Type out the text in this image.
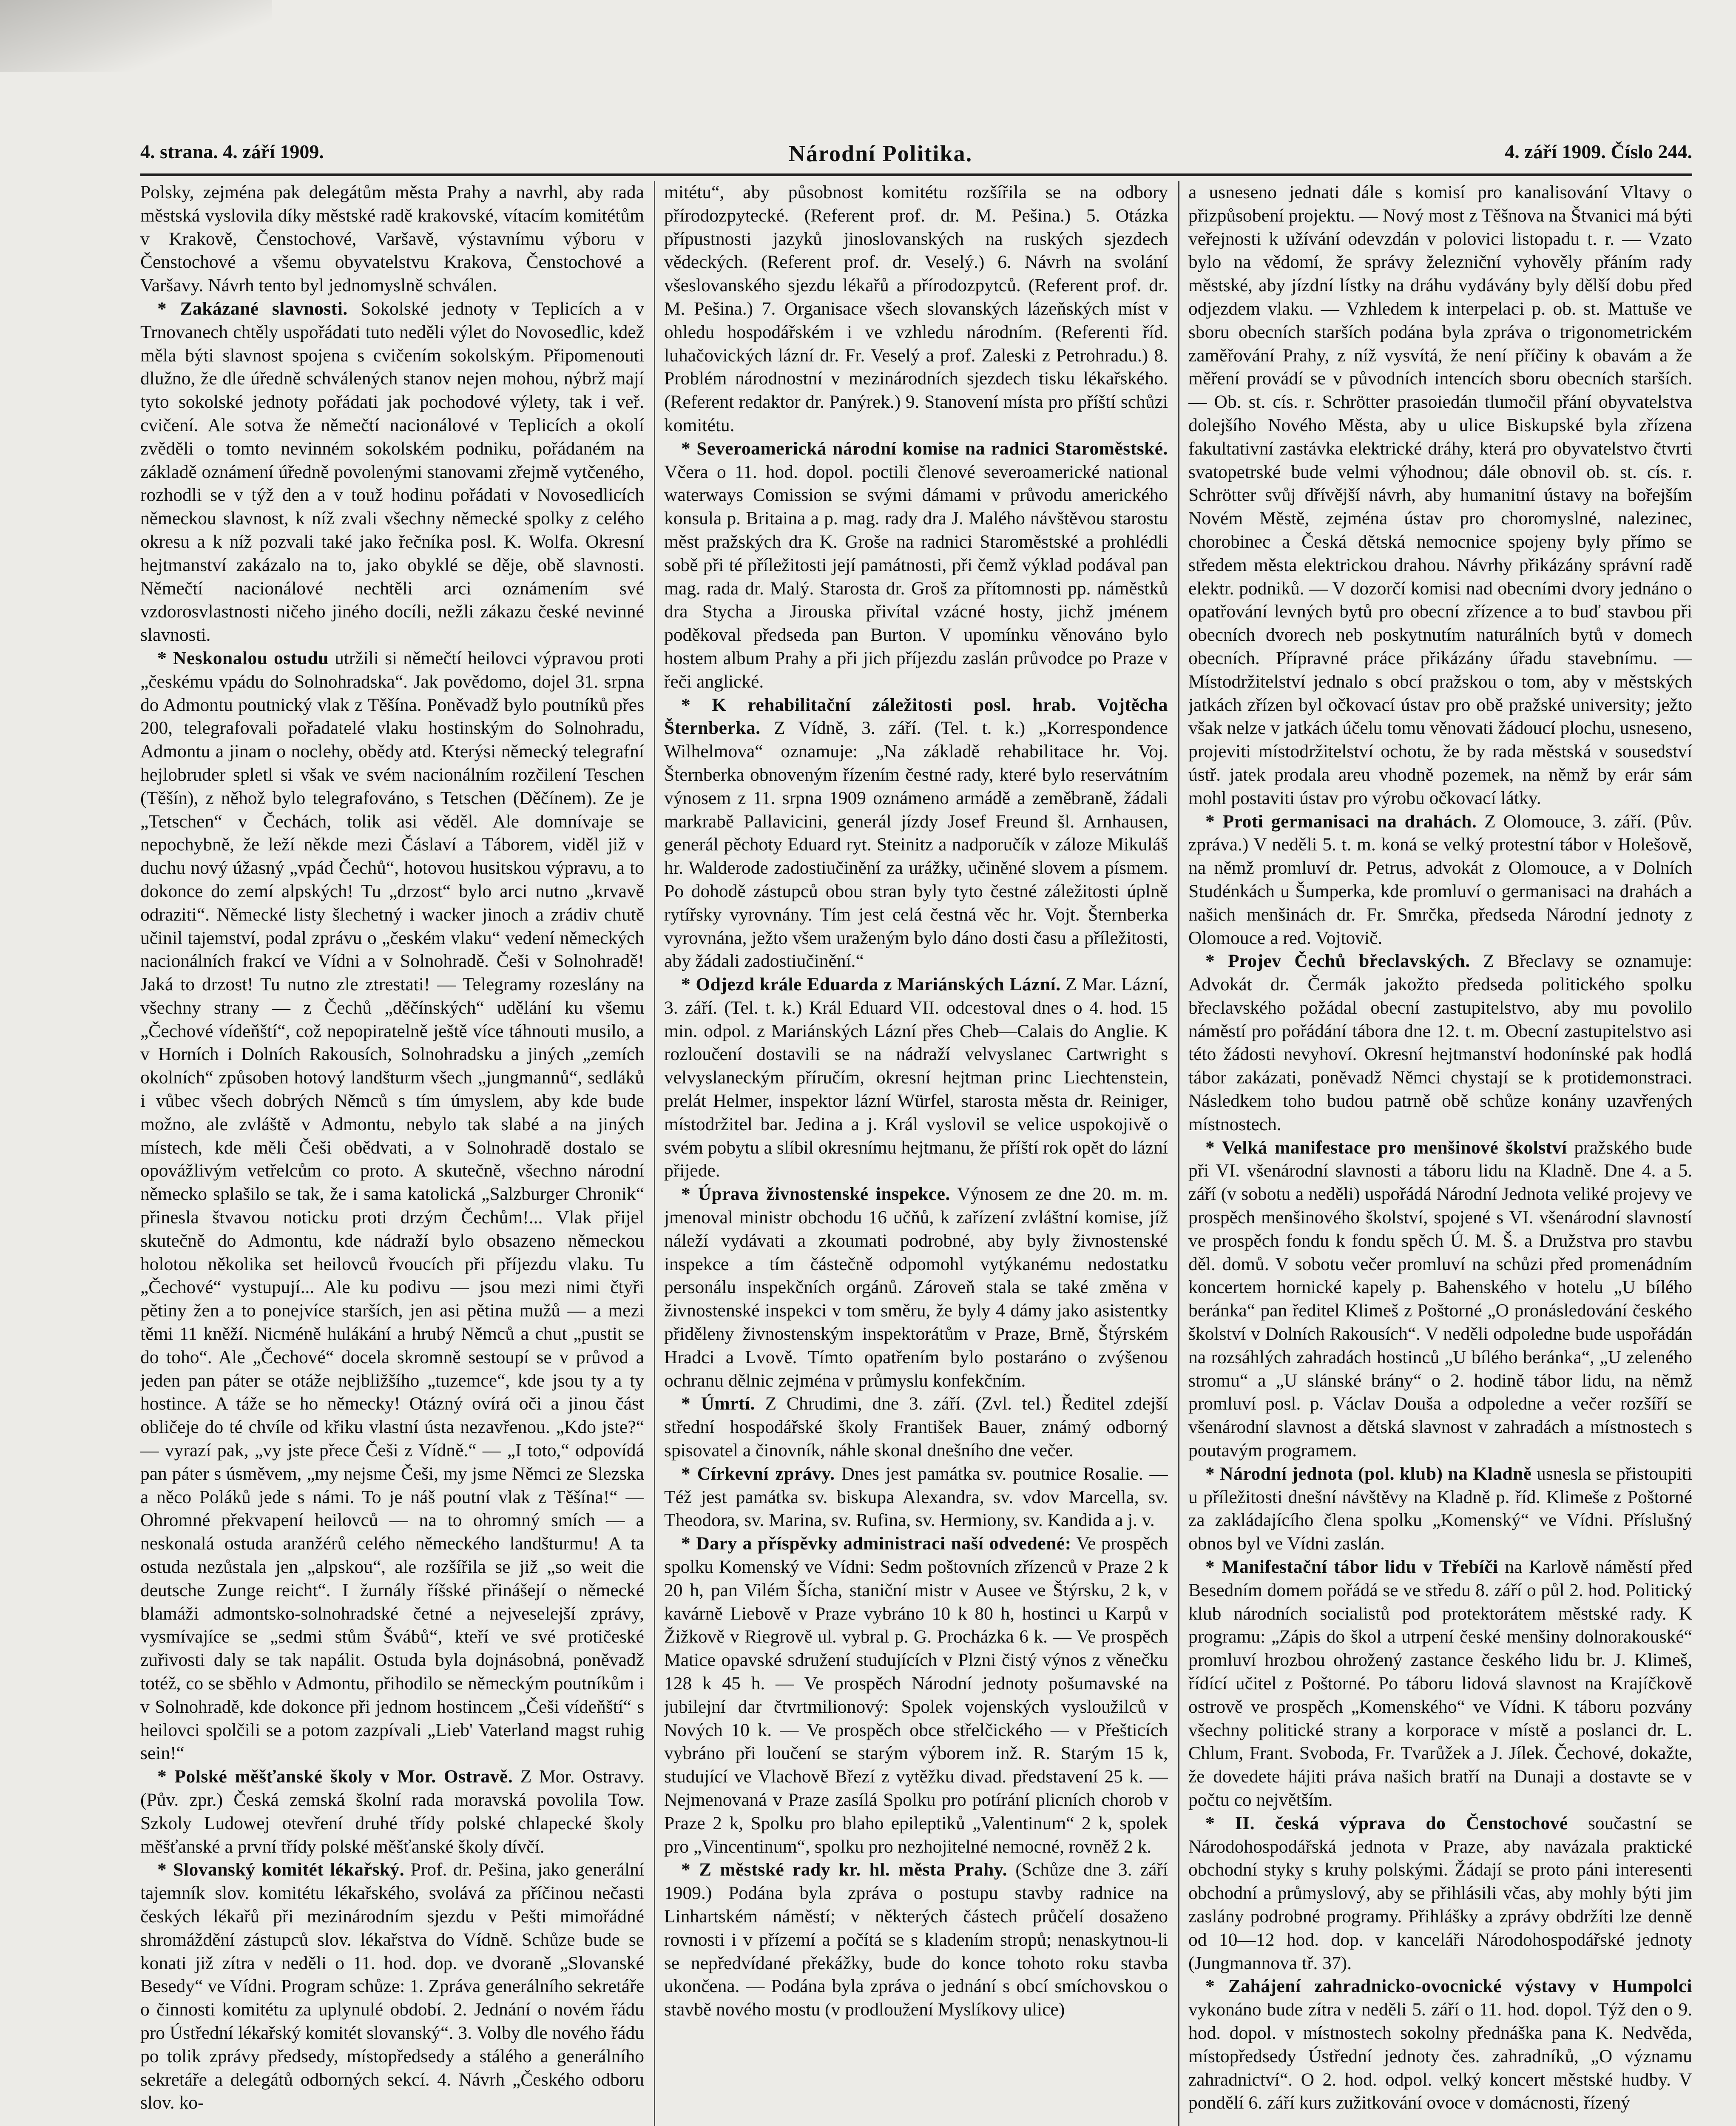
4. strana. 4. září 1909.	Národní Politika.	4. září 1909. Číslo 244.

Polsky, zejména pak delegátům města Prahy a navrhl, aby rada městská vyslovila díky městské radě krakovské, vítacím komitétům v Krakově, Čenstochové, Varšavě, výstavnímu výboru v Čenstochové a všemu obyvatelstvu Krakova, Čenstochové a Varšavy. Návrh tento byl jednomyslně schválen.

* Zakázané slavnosti. Sokolské jednoty v Teplicích a v Trnovanech chtěly uspořádati tuto neděli výlet do Novosedlic, kdež měla býti slavnost spojena s cvičením sokolským. Připomenouti dlužno, že dle úředně schválených stanov nejen mohou, nýbrž mají tyto sokolské jednoty pořádati jak pochodové výlety, tak i veř. cvičení. Ale sotva že němečtí nacionálové v Teplicích a okolí zvěděli o tomto nevinném sokolském podniku, pořádaném na základě oznámení úředně povolenými stanovami zřejmě vytčeného, rozhodli se v týž den a v touž hodinu pořádati v Novosedlicích německou slavnost, k níž zvali všechny německé spolky z celého okresu a k níž pozvali také jako řečníka posl. K. Wolfa. Okresní hejtmanství zakázalo na to, jako obyklé se děje, obě slavnosti. Němečtí nacionálové nechtěli arci oznámením své vzdorosvlastnosti ničeho jiného docíli, nežli zákazu české nevinné slavnosti.

* Neskonalou ostudu utržili si němečtí heilovci výpravou proti „českému vpádu do Solnohradska“. Jak povědomo, dojel 31. srpna do Admontu poutnický vlak z Těšína. Poněvadž bylo poutníků přes 200, telegrafovali pořadatelé vlaku hostinským do Solnohradu, Admontu a jinam o noclehy, obědy atd. Kterýsi německý telegrafní hejlobruder spletl si však ve svém nacionálním rozčilení Teschen (Těšín), z něhož bylo telegrafováno, s Tetschen (Děčínem). Ze je „Tetschen“ v Čechách, tolik asi věděl. Ale domnívaje se nepochybně, že leží někde mezi Čáslaví a Táborem, viděl již v duchu nový úžasný „vpád Čechů“, hotovou husitskou výpravu, a to dokonce do zemí alpských! Tu „drzost“ bylo arci nutno „krvavě odraziti“. Německé listy šlechetný i wacker jinoch a zrádiv chutě učinil tajemství, podal zprávu o „českém vlaku“ vedení německých nacionálních frakcí ve Vídni a v Solnohradě. Češi v Solnohradě! Jaká to drzost! Tu nutno zle ztrestati! — Telegramy rozeslány na všechny strany — z Čechů „děčínských“ udělání ku všemu „Čechové vídeňští“, což nepopiratelně ještě více táhnouti musilo, a v Horních i Dolních Rakousích, Solnohradsku a jiných „zemích okolních“ způsoben hotový landšturm všech „jungmannů“, sedláků i vůbec všech dobrých Němců s tím úmyslem, aby kde bude možno, ale zvláště v Admontu, nebylo tak slabé a na jiných místech, kde měli Češi obědvati, a v Solnohradě dostalo se opovážlivým vetřelcům co proto. A skutečně, všechno národní německo splašilo se tak, že i sama katolická „Salzburger Chronik“ přinesla štvavou noticku proti drzým Čechům!... Vlak přijel skutečně do Admontu, kde nádraží bylo obsazeno německou holotou několika set heilovců řvoucích při příjezdu vlaku. Tu „Čechové“ vystupují... Ale ku podivu — jsou mezi nimi čtyři pětiny žen a to ponejvíce starších, jen asi pětina mužů — a mezi těmi 11 kněží. Nicméně hulákání a hrubý Němců a chut „pustit se do toho“. Ale „Čechové“ docela skromně sestoupí se v průvod a jeden pan páter se otáže nejbližšího „tuzemce“, kde jsou ty a ty hostince. A táže se ho německy! Otázný ovírá oči a jinou část obličeje do té chvíle od křiku vlastní ústa nezavřenou. „Kdo jste?“ — vyrazí pak, „vy jste přece Češi z Vídně.“ — „I toto,“ odpovídá pan páter s úsměvem, „my nejsme Češi, my jsme Němci ze Slezska a něco Poláků jede s námi. To je náš poutní vlak z Těšína!“ — Ohromné překvapení heilovců — na to ohromný smích — a neskonalá ostuda aranžérů celého německého landšturmu! A ta ostuda nezůstala jen „alpskou“, ale rozšířila se již „so weit die deutsche Zunge reicht“. I žurnály říšské přinášejí o německé blamáži admontsko-solnohradské četné a nejveselejší zprávy, vysmívajíce se „sedmi stům Švábů“, kteří ve své protičeské zuřivosti daly se tak napálit. Ostuda byla dojnásobná, poněvadž totéž, co se sběhlo v Admontu, přihodilo se německým poutníkům i v Solnohradě, kde dokonce při jednom hostincem „Češi vídeňští“ s heilovci spolčili se a potom zazpívali „Lieb' Vaterland magst ruhig sein!“

* Polské měšťanské školy v Mor. Ostravě. Z Mor. Ostravy. (Pův. zpr.) Česká zemská školní rada moravská povolila Tow. Szkoly Ludowej otevření druhé třídy polské chlapecké školy měšťanské a první třídy polské měšťanské školy dívčí.

* Slovanský komitét lékařský. Prof. dr. Pešina, jako generální tajemník slov. komitétu lékařského, svolává za příčinou nečasti českých lékařů při mezinárodním sjezdu v Pešti mimořádné shromáždění zástupců slov. lékařstva do Vídně. Schůze bude se konati již zítra v neděli o 11. hod. dop. ve dvoraně „Slovanské Besedy“ ve Vídni. Program schůze: 1. Zpráva generálního sekretáře o činnosti komitétu za uplynulé období. 2. Jednání o novém řádu pro Ústřední lékařský komitét slovanský“. 3. Volby dle nového řádu po tolik zprávy předsedy, místopředsedy a stálého a generálního sekretáře a delegátů odborných sekcí. 4. Návrh „Českého odboru slov. ko-

mitétu“, aby působnost komitétu rozšířila se na odbory přírodozpytecké. (Referent prof. dr. M. Pešina.) 5. Otázka přípustnosti jazyků jinoslovanských na ruských sjezdech vědeckých. (Referent prof. dr. Veselý.) 6. Návrh na svolání všeslovanského sjezdu lékařů a přírodozpytců. (Referent prof. dr. M. Pešina.) 7. Organisace všech slovanských lázeňských míst v ohledu hospodářském i ve vzhledu národním. (Referenti říd. luhačovických lázní dr. Fr. Veselý a prof. Zaleski z Petrohradu.) 8. Problém národnostní v mezinárodních sjezdech tisku lékařského. (Referent redaktor dr. Panýrek.) 9. Stanovení místa pro příští schůzi komitétu.

* Severoamerická národní komise na radnici Staroměstské. Včera o 11. hod. dopol. poctili členové severoamerické national waterways Comission se svými dámami v průvodu amerického konsula p. Britaina a p. mag. rady dra J. Malého návštěvou starostu měst pražských dra K. Groše na radnici Staroměstské a prohlédli sobě při té příležitosti její památnosti, při čemž výklad podával pan mag. rada dr. Malý. Starosta dr. Groš za přítomnosti pp. náměstků dra Stycha a Jirouska přivítal vzácné hosty, jichž jménem poděkoval předseda pan Burton. V upomínku věnováno bylo hostem album Prahy a při jich příjezdu zaslán průvodce po Praze v řeči anglické.

* K rehabilitační záležitosti posl. hrab. Vojtěcha Šternberka. Z Vídně, 3. září. (Tel. t. k.) „Korrespondence Wilhelmova“ oznamuje: „Na základě rehabilitace hr. Voj. Šternberka obnoveným řízením čestné rady, které bylo reservátním výnosem z 11. srpna 1909 oznámeno armádě a zeměbraně, žádali markrabě Pallavicini, generál jízdy Josef Freund šl. Arnhausen, generál pěchoty Eduard ryt. Steinitz a nadporučík v záloze Mikuláš hr. Walderode zadostiučinění za urážky, učiněné slovem a písmem. Po dohodě zástupců obou stran byly tyto čestné záležitosti úplně rytířsky vyrovnány. Tím jest celá čestná věc hr. Vojt. Šternberka vyrovnána, ježto všem uraženým bylo dáno dosti času a příležitosti, aby žádali zadostiučinění.“

* Odjezd krále Eduarda z Mariánských Lázní. Z Mar. Lázní, 3. září. (Tel. t. k.) Král Eduard VII. odcestoval dnes o 4. hod. 15 min. odpol. z Mariánských Lázní přes Cheb—Calais do Anglie. K rozloučení dostavili se na nádraží velvyslanec Cartwright s velvyslaneckým příručím, okresní hejtman princ Liechtenstein, prelát Helmer, inspektor lázní Würfel, starosta města dr. Reiniger, místodržitel bar. Jedina a j. Král vyslovil se velice uspokojivě o svém pobytu a slíbil okresnímu hejtmanu, že příští rok opět do lázní přijede.

* Úprava živnostenské inspekce. Výnosem ze dne 20. m. m. jmenoval ministr obchodu 16 učňů, k zařízení zvláštní komise, jíž náleží vydávati a zkoumati podrobné, aby byly živnostenské inspekce a tím částečně odpomohl vytýkanému nedostatku personálu inspekčních orgánů. Zároveň stala se také změna v živnostenské inspekci v tom směru, že byly 4 dámy jako asistentky přiděleny živnostenským inspektorátům v Praze, Brně, Štýrském Hradci a Lvově. Tímto opatřením bylo postaráno o zvýšenou ochranu dělnic zejména v průmyslu konfekčním.

* Úmrtí. Z Chrudimi, dne 3. září. (Zvl. tel.) Ředitel zdejší střední hospodářské školy František Bauer, známý odborný spisovatel a činovník, náhle skonal dnešního dne večer.

* Církevní zprávy. Dnes jest památka sv. poutnice Rosalie. — Též jest památka sv. biskupa Alexandra, sv. vdov Marcella, sv. Theodora, sv. Marina, sv. Rufina, sv. Hermiony, sv. Kandida a j. v.

* Dary a příspěvky administraci naší odvedené: Ve prospěch spolku Komenský ve Vídni: Sedm poštovních zřízenců v Praze 2 k 20 h, pan Vilém Šícha, staniční mistr v Ausee ve Štýrsku, 2 k, v kavárně Liebově v Praze vybráno 10 k 80 h, hostinci u Karpů v Žižkově v Riegrově ul. vybral p. G. Procházka 6 k. — Ve prospěch Matice opavské sdružení studujících v Plzni čistý výnos z věnečku 128 k 45 h. — Ve prospěch Národní jednoty pošumavské na jubilejní dar čtvrtmilionový: Spolek vojenských vysloužilců v Nových 10 k. — Ve prospěch obce střelčického — v Přešticích vybráno při loučení se starým výborem inž. R. Starým 15 k, studující ve Vlachově Březí z vytěžku divad. představení 25 k. — Nejmenovaná v Praze zasílá Spolku pro potírání plicních chorob v Praze 2 k, Spolku pro blaho epileptiků „Valentinum“ 2 k, spolek pro „Vincentinum“, spolku pro nezhojitelné nemocné, rovněž 2 k.

* Z městské rady kr. hl. města Prahy. (Schůze dne 3. září 1909.) Podána byla zpráva o postupu stavby radnice na Linhartském náměstí; v některých částech průčelí dosaženo rovnosti i v přízemí a počítá se s kladením stropů; nenaskytnou-li se nepředvídané překážky, bude do konce tohoto roku stavba ukončena. — Podána byla zpráva o jednání s obcí smíchovskou o stavbě nového mostu (v prodloužení Myslíkovy ulice)

a usneseno jednati dále s komisí pro kanalisování Vltavy o přizpůsobení projektu. — Nový most z Těšnova na Štvanici má býti veřejnosti k užívání odevzdán v polovici listopadu t. r. — Vzato bylo na vědomí, že správy železniční vyhověly přáním rady městské, aby jízdní lístky na dráhu vydávány byly dělší dobu před odjezdem vlaku. — Vzhledem k interpelaci p. ob. st. Mattuše ve sboru obecních starších podána byla zpráva o trigonometrickém zaměřování Prahy, z níž vysvítá, že není příčiny k obavám a že měření provádí se v původních intencích sboru obecních starších. — Ob. st. cís. r. Schrötter prasoiedán tlumočil přání obyvatelstva dolejšího Nového Města, aby u ulice Biskupské byla zřízena fakultativní zastávka elektrické dráhy, která pro obyvatelstvo čtvrti svatopetrské bude velmi výhodnou; dále obnovil ob. st. cís. r. Schrötter svůj dřívější návrh, aby humanitní ústavy na bořejším Novém Městě, zejména ústav pro choromyslné, nalezinec, chorobinec a Česká dětská nemocnice spojeny byly přímo se středem města elektrickou drahou. Návrhy přikázány správní radě elektr. podniků. — V dozorčí komisi nad obecními dvory jednáno o opatřování levných bytů pro obecní zřízence a to buď stavbou při obecních dvorech neb poskytnutím naturálních bytů v domech obecních. Přípravné práce přikázány úřadu stavebnímu. — Místodržitelství jednalo s obcí pražskou o tom, aby v městských jatkách zřízen byl očkovací ústav pro obě pražské university; ježto však nelze v jatkách účelu tomu věnovati žádoucí plochu, usneseno, projeviti místodržitelství ochotu, že by rada městská v sousedství ústř. jatek prodala areu vhodně pozemek, na němž by erár sám mohl postaviti ústav pro výrobu očkovací látky.

* Proti germanisaci na drahách. Z Olomouce, 3. září. (Pův. zpráva.) V neděli 5. t. m. koná se velký protestní tábor v Holešově, na němž promluví dr. Petrus, advokát z Olomouce, a v Dolních Studénkách u Šumperka, kde promluví o germanisaci na drahách a našich menšinách dr. Fr. Smrčka, předseda Národní jednoty z Olomouce a red. Vojtovič.

* Projev Čechů břeclavských. Z Břeclavy se oznamuje: Advokát dr. Čermák jakožto předseda politického spolku břeclavského požádal obecní zastupitelstvo, aby mu povolilo náměstí pro pořádání tábora dne 12. t. m. Obecní zastupitelstvo asi této žádosti nevyhoví. Okresní hejtmanství hodonínské pak hodlá tábor zakázati, poněvadž Němci chystají se k protidemonstraci. Následkem toho budou patrně obě schůze konány uzavřených místnostech.

* Velká manifestace pro menšinové školství pražského bude při VI. všenárodní slavnosti a táboru lidu na Kladně. Dne 4. a 5. září (v sobotu a neděli) uspořádá Národní Jednota veliké projevy ve prospěch menšinového školství, spojené s VI. všenárodní slavností ve prospěch fondu k fondu spěch Ú. M. Š. a Družstva pro stavbu děl. domů. V sobotu večer promluví na schůzi před promenádním koncertem hornické kapely p. Bahenského v hotelu „U bílého beránka“ pan ředitel Klimeš z Poštorné „O pronásledování českého školství v Dolních Rakousích“. V neděli odpoledne bude uspořádán na rozsáhlých zahradách hostinců „U bílého beránka“, „U zeleného stromu“ a „U slánské brány“ o 2. hodině tábor lidu, na němž promluví posl. p. Václav Douša a odpoledne a večer rozšíří se všenárodní slavnost a dětská slavnost v zahradách a místnostech s poutavým programem.

* Národní jednota (pol. klub) na Kladně usnesla se přistoupiti u příležitosti dnešní návštěvy na Kladně p. říd. Klimeše z Poštorné za zakládajícího člena spolku „Komenský“ ve Vídni. Příslušný obnos byl ve Vídni zaslán.

* Manifestační tábor lidu v Třebíči na Karlově náměstí před Besedním domem pořádá se ve středu 8. září o půl 2. hod. Politický klub národních socialistů pod protektorátem městské rady. K programu: „Zápis do škol a utrpení české menšiny dolnorakouské“ promluví hrozbou ohrožený zastance českého lidu br. J. Klimeš, řídící učitel z Poštorné. Po táboru lidová slavnost na Krajíčkově ostrově ve prospěch „Komenského“ ve Vídni. K táboru pozvány všechny politické strany a korporace v místě a poslanci dr. L. Chlum, Frant. Svoboda, Fr. Tvarůžek a J. Jílek. Čechové, dokažte, že dovedete hájiti práva našich bratří na Dunaji a dostavte se v počtu co největším.

* II. česká výprava do Čenstochové součastní se Národohospodářská jednota v Praze, aby navázala praktické obchodní styky s kruhy polskými. Žádají se proto páni interesenti obchodní a průmyslový, aby se přihlásili včas, aby mohly býti jim zaslány podrobné programy. Přihlášky a zprávy obdržíti lze denně od 10—12 hod. dop. v kanceláři Národohospodářské jednoty (Jungmannova tř. 37).

* Zahájení zahradnicko-ovocnické výstavy v Humpolci vykonáno bude zítra v neděli 5. září o 11. hod. dopol. Týž den o 9. hod. dopol. v místnostech sokolny přednáška pana K. Nedvěda, místopředsedy Ústřední jednoty čes. zahradníků, „O významu zahradnictví“. O 2. hod. odpol. velký koncert městské hudby. V pondělí 6. září kurs zužitkování ovoce v domácnosti, řízený
